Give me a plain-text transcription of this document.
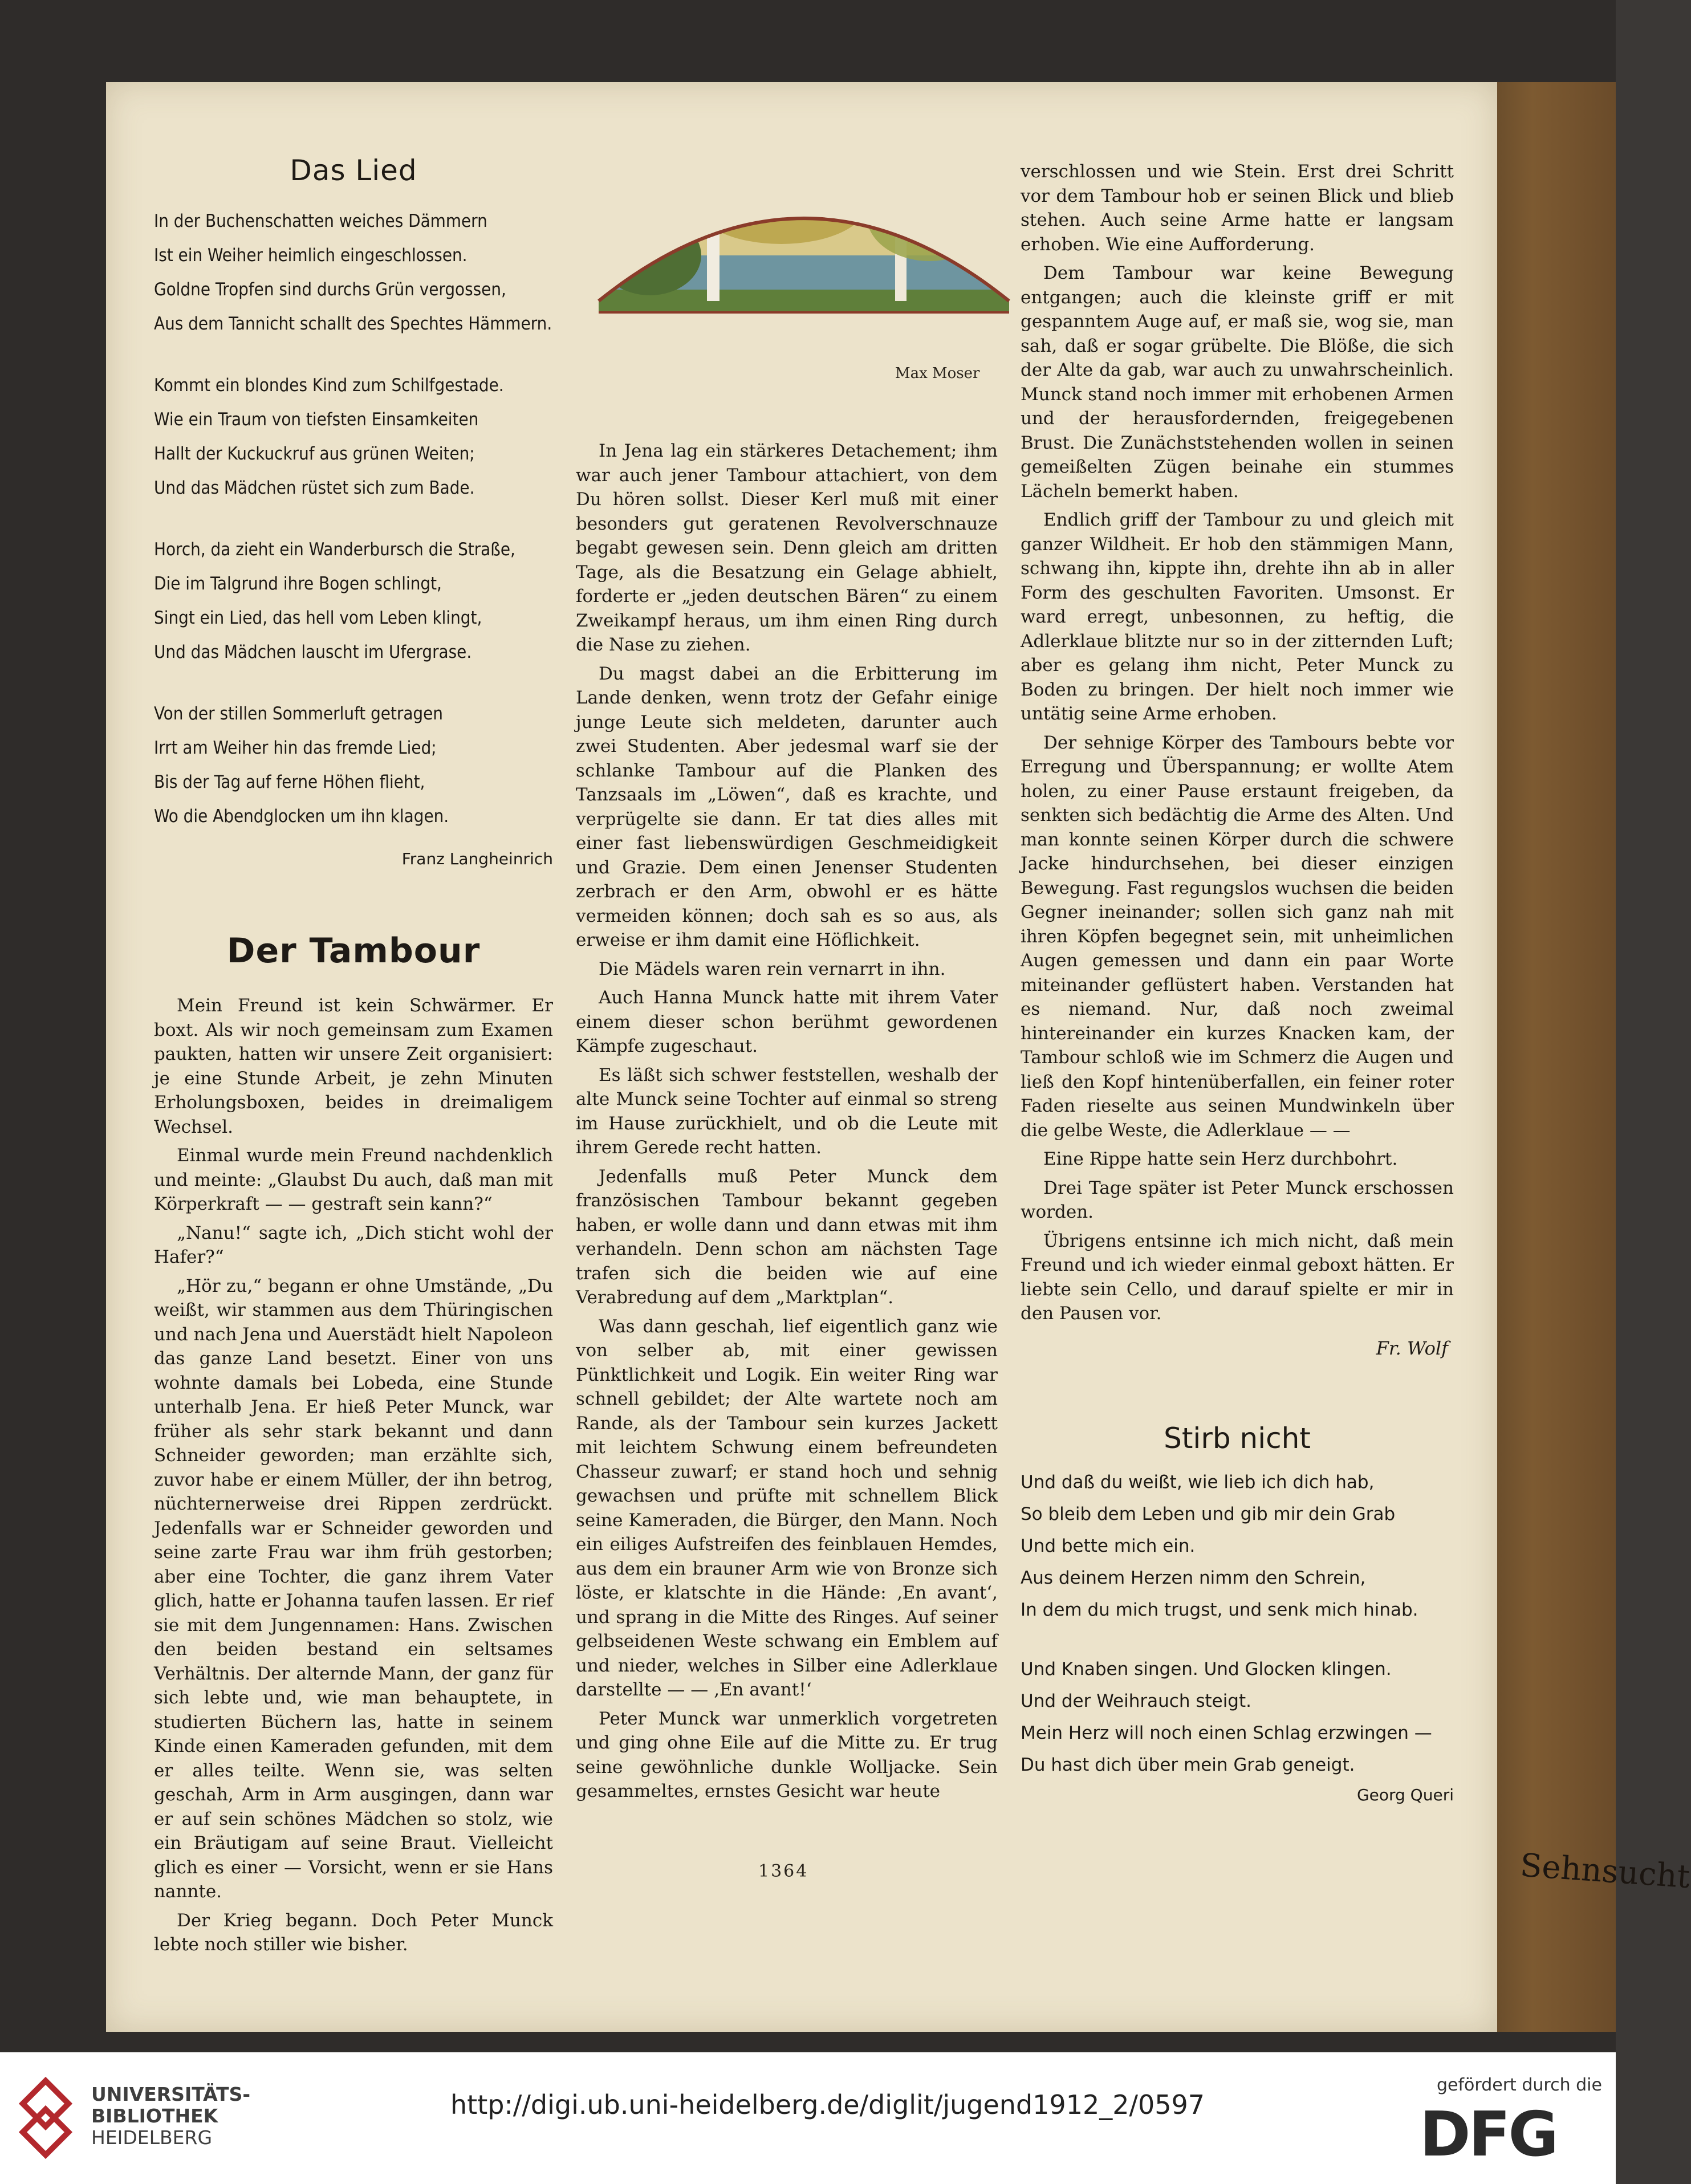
Sehnsucht
Das Lied
In der Buchenschatten weiches Dämmern
Ist ein Weiher heimlich eingeschlossen.
Goldne Tropfen sind durchs Grün vergossen,
Aus dem Tannicht schallt des Spechtes Hämmern.
Kommt ein blondes Kind zum Schilfgestade.
Wie ein Traum von tiefsten Einsamkeiten
Hallt der Kuckuckruf aus grünen Weiten;
Und das Mädchen rüstet sich zum Bade.
Horch, da zieht ein Wanderbursch die Straße,
Die im Talgrund ihre Bogen schlingt,
Singt ein Lied, das hell vom Leben klingt,
Und das Mädchen lauscht im Ufergrase.
Von der stillen Sommerluft getragen
Irrt am Weiher hin das fremde Lied;
Bis der Tag auf ferne Höhen flieht,
Wo die Abendglocken um ihn klagen.
Franz Langheinrich
Der Tambour

Mein Freund ist kein Schwärmer. Er boxt. Als wir noch gemeinsam zum Examen paukten, hatten wir unsere Zeit organisiert: je eine Stunde Arbeit, je zehn Minuten Erholungsboxen, beides in dreimaligem Wechsel.

Einmal wurde mein Freund nachdenklich und meinte: „Glaubst Du auch, daß man mit Körperkraft — — gestraft sein kann?“

„Nanu!“ sagte ich, „Dich sticht wohl der Hafer?“

„Hör zu,“ begann er ohne Umstände, „Du weißt, wir stammen aus dem Thüringischen und nach Jena und Auerstädt hielt Napoleon das ganze Land besetzt. Einer von uns wohnte damals bei Lobeda, eine Stunde unterhalb Jena. Er hieß Peter Munck, war früher als sehr stark bekannt und dann Schneider geworden; man erzählte sich, zuvor habe er einem Müller, der ihn betrog, nüchternerweise drei Rippen zerdrückt. Jedenfalls war er Schneider geworden und seine zarte Frau war ihm früh gestorben; aber eine Tochter, die ganz ihrem Vater glich, hatte er Johanna taufen lassen. Er rief sie mit dem Jungennamen: Hans. Zwischen den beiden bestand ein seltsames Verhältnis. Der alternde Mann, der ganz für sich lebte und, wie man behauptete, in studierten Büchern las, hatte in seinem Kinde einen Kameraden gefunden, mit dem er alles teilte. Wenn sie, was selten geschah, Arm in Arm ausgingen, dann war er auf sein schönes Mädchen so stolz, wie ein Bräutigam auf seine Braut. Vielleicht glich es einer — Vorsicht, wenn er sie Hans nannte.

Der Krieg begann. Doch Peter Munck lebte noch stiller wie bisher.

Max Moser

In Jena lag ein stärkeres Detachement; ihm war auch jener Tambour attachiert, von dem Du hören sollst. Dieser Kerl muß mit einer besonders gut geratenen Revolverschnauze begabt gewesen sein. Denn gleich am dritten Tage, als die Besatzung ein Gelage abhielt, forderte er „jeden deutschen Bären“ zu einem Zweikampf heraus, um ihm einen Ring durch die Nase zu ziehen.

Du magst dabei an die Erbitterung im Lande denken, wenn trotz der Gefahr einige junge Leute sich meldeten, darunter auch zwei Studenten. Aber jedesmal warf sie der schlanke Tambour auf die Planken des Tanzsaals im „Löwen“, daß es krachte, und verprügelte sie dann. Er tat dies alles mit einer fast liebenswürdigen Geschmeidigkeit und Grazie. Dem einen Jenenser Studenten zerbrach er den Arm, obwohl er es hätte vermeiden können; doch sah es so aus, als erweise er ihm damit eine Höflichkeit.

Die Mädels waren rein vernarrt in ihn.

Auch Hanna Munck hatte mit ihrem Vater einem dieser schon berühmt gewordenen Kämpfe zugeschaut.

Es läßt sich schwer feststellen, weshalb der alte Munck seine Tochter auf einmal so streng im Hause zurückhielt, und ob die Leute mit ihrem Gerede recht hatten.

Jedenfalls muß Peter Munck dem französischen Tambour bekannt gegeben haben, er wolle dann und dann etwas mit ihm verhandeln. Denn schon am nächsten Tage trafen sich die beiden wie auf eine Verabredung auf dem „Marktplan“.

Was dann geschah, lief eigentlich ganz wie von selber ab, mit einer gewissen Pünktlichkeit und Logik. Ein weiter Ring war schnell gebildet; der Alte wartete noch am Rande, als der Tambour sein kurzes Jackett mit leichtem Schwung einem befreundeten Chasseur zuwarf; er stand hoch und sehnig gewachsen und prüfte mit schnellem Blick seine Kameraden, die Bürger, den Mann. Noch ein eiliges Aufstreifen des feinblauen Hemdes, aus dem ein brauner Arm wie von Bronze sich löste, er klatschte in die Hände: ‚En avant‘, und sprang in die Mitte des Ringes. Auf seiner gelbseidenen Weste schwang ein Emblem auf und nieder, welches in Silber eine Adlerklaue darstellte — — ‚En avant!‘

Peter Munck war unmerklich vorgetreten und ging ohne Eile auf die Mitte zu. Er trug seine gewöhnliche dunkle Wolljacke. Sein gesammeltes, ernstes Gesicht war heute

verschlossen und wie Stein. Erst drei Schritt vor dem Tambour hob er seinen Blick und blieb stehen. Auch seine Arme hatte er langsam erhoben. Wie eine Aufforderung.

Dem Tambour war keine Bewegung entgangen; auch die kleinste griff er mit gespanntem Auge auf, er maß sie, wog sie, man sah, daß er sogar grübelte. Die Blöße, die sich der Alte da gab, war auch zu unwahrscheinlich. Munck stand noch immer mit erhobenen Armen und der herausfordernden, freigegebenen Brust. Die Zunächststehenden wollen in seinen gemeißelten Zügen beinahe ein stummes Lächeln bemerkt haben.

Endlich griff der Tambour zu und gleich mit ganzer Wildheit. Er hob den stämmigen Mann, schwang ihn, kippte ihn, drehte ihn ab in aller Form des geschulten Favoriten. Umsonst. Er ward erregt, unbesonnen, zu heftig, die Adlerklaue blitzte nur so in der zitternden Luft; aber es gelang ihm nicht, Peter Munck zu Boden zu bringen. Der hielt noch immer wie untätig seine Arme erhoben.

Der sehnige Körper des Tambours bebte vor Erregung und Überspannung; er wollte Atem holen, zu einer Pause erstaunt freigeben, da senkten sich bedächtig die Arme des Alten. Und man konnte seinen Körper durch die schwere Jacke hindurchsehen, bei dieser einzigen Bewegung. Fast regungslos wuchsen die beiden Gegner ineinander; sollen sich ganz nah mit ihren Köpfen begegnet sein, mit unheimlichen Augen gemessen und dann ein paar Worte miteinander geflüstert haben. Verstanden hat es niemand. Nur, daß noch zweimal hintereinander ein kurzes Knacken kam, der Tambour schloß wie im Schmerz die Augen und ließ den Kopf hintenüberfallen, ein feiner roter Faden rieselte aus seinen Mundwinkeln über die gelbe Weste, die Adlerklaue — —

Eine Rippe hatte sein Herz durchbohrt.

Drei Tage später ist Peter Munck erschossen worden.

Übrigens entsinne ich mich nicht, daß mein Freund und ich wieder einmal geboxt hätten. Er liebte sein Cello, und darauf spielte er mir in den Pausen vor.

Fr. Wolf
Stirb nicht
Und daß du weißt, wie lieb ich dich hab,
So bleib dem Leben und gib mir dein Grab
Und bette mich ein.
Aus deinem Herzen nimm den Schrein,
In dem du mich trugst, und senk mich hinab.
Und Knaben singen. Und Glocken klingen.
Und der Weihrauch steigt.
Mein Herz will noch einen Schlag erzwingen —
Du hast dich über mein Grab geneigt.
Georg Queri
1364
UNIVERSITÄTS-
BIBLIOTHEK
HEIDELBERG
http://digi.ub.uni-heidelberg.de/diglit/jugend1912_2/0597
gefördert durch die
DFG
